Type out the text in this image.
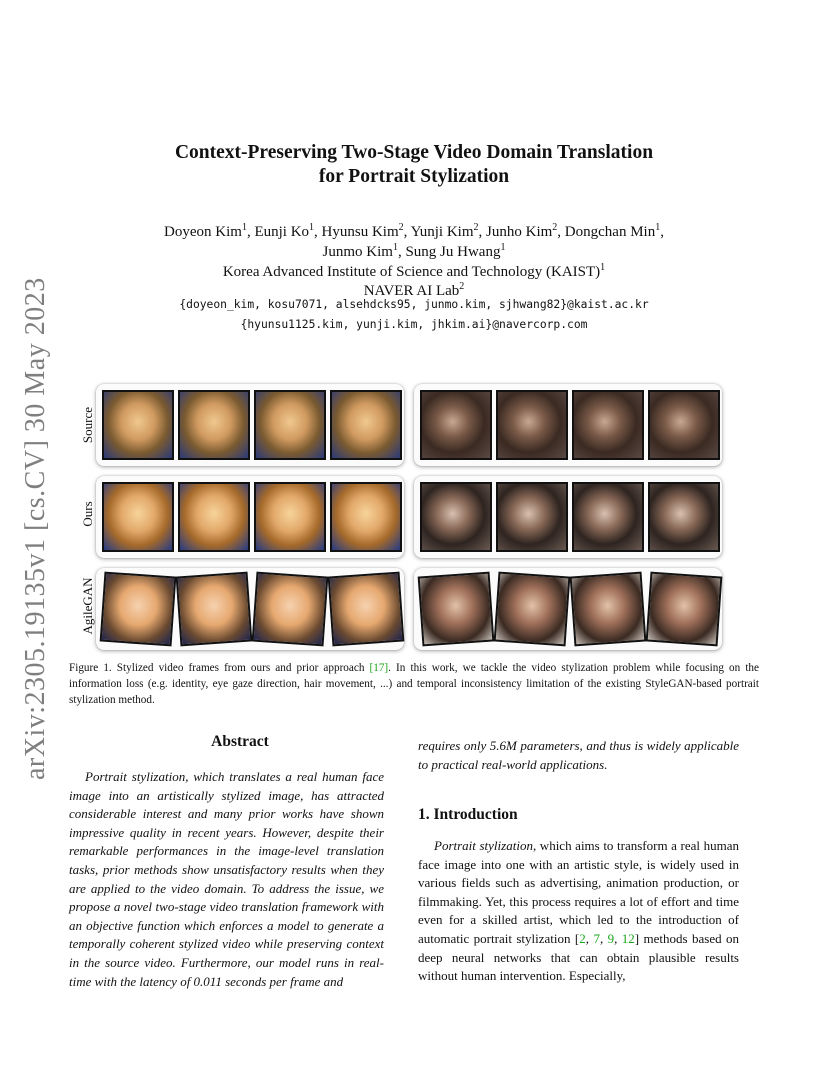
arXiv:2305.19135v1 [cs.CV] 30 May 2023
Context-Preserving Two-Stage Video Domain Translation
for Portrait Stylization
Doyeon Kim$^1$, Eunji Ko$^1$, Hyunsu Kim$^2$, Yunji Kim$^2$, Junho Kim$^2$, Dongchan Min$^1$,
Junmo Kim$^1$, Sung Ju Hwang$^1$
Korea Advanced Institute of Science and Technology (KAIST)$^1$
NAVER AI Lab$^2$
{doyeon_kim, kosu7071, alsehdcks95, junmo.kim, sjhwang82}@kaist.ac.kr
{hyunsu1125.kim, yunji.kim, jhkim.ai}@navercorp.com
Source
Ours
AgileGAN
Figure 1. Stylized video frames from ours and prior approach [17]. In this work, we tackle the video stylization problem while focusing on the information loss (e.g. identity, eye gaze direction, hair movement, ...) and temporal inconsistency limitation of the existing StyleGAN-based portrait stylization method.
Abstract
Portrait stylization, which translates a real human face image into an artistically stylized image, has attracted considerable interest and many prior works have shown impressive quality in recent years. However, despite their remarkable performances in the image-level translation tasks, prior methods show unsatisfactory results when they are applied to the video domain. To address the issue, we propose a novel two-stage video translation framework with an objective function which enforces a model to generate a temporally coherent stylized video while preserving context in the source video. Furthermore, our model runs in real-time with the latency of 0.011 seconds per frame and
requires only 5.6M parameters, and thus is widely applicable to practical real-world applications.
1. Introduction
Portrait stylization, which aims to transform a real human face image into one with an artistic style, is widely used in various fields such as advertising, animation production, or filmmaking. Yet, this process requires a lot of effort and time even for a skilled artist, which led to the introduction of automatic portrait stylization [2, 7, 9, 12] methods based on deep neural networks that can obtain plausible results without human intervention. Especially,
